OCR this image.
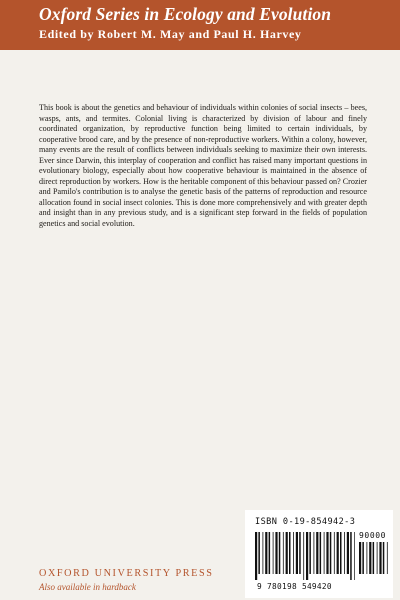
Oxford Series in Ecology and Evolution
Edited by Robert M. May and Paul H. Harvey

This book is about the genetics and behaviour of individuals within colonies of social insects – bees, wasps, ants, and termites. Colonial living is characterized by division of labour and finely coordinated organization, by reproductive function being limited to certain individuals, by cooperative brood care, and by the presence of non-reproductive workers. Within a colony, however, many events are the result of conflicts between individuals seeking to maximize their own interests. Ever since Darwin, this interplay of cooperation and conflict has raised many important questions in evolutionary biology, especially about how cooperative behaviour is maintained in the absence of direct reproduction by workers. How is the heritable component of this behaviour passed on? Crozier and Pamilo's contribution is to analyse the genetic basis of the patterns of reproduction and resource allocation found in social insect colonies. This is done more comprehensively and with greater depth and insight than in any previous study, and is a significant step forward in the fields of population genetics and social evolution.

ISBN 0-19-854942-3
90000
9 780198 549420
OXFORD UNIVERSITY PRESS
Also available in hardback
